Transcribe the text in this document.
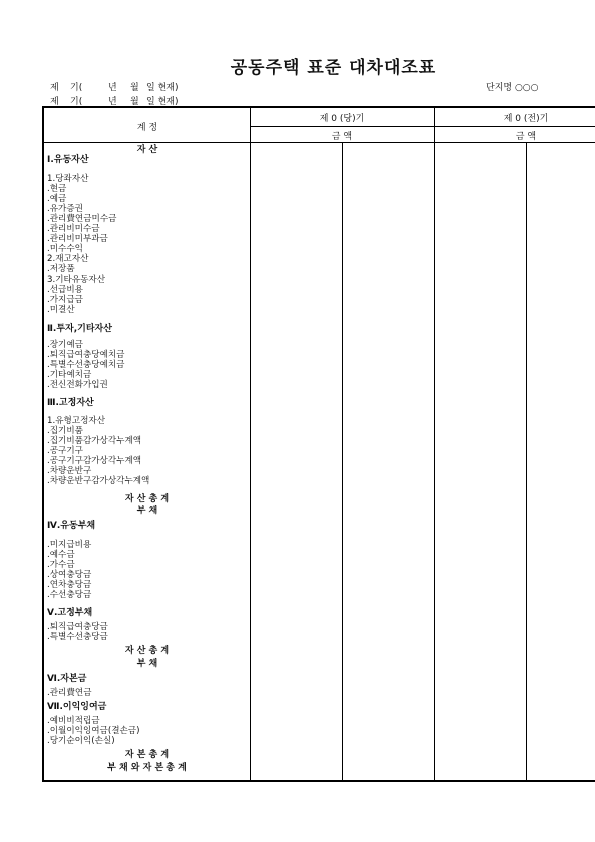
공동주택 표준 대차대조표
제 기(	년 월 일 현재)
제 기(	년 월 일 현재)
단지명 ○○○
계 정
제 0 (당)기	제 0 (전)기
금 액	금 액
자 산
Ⅰ.유동자산
1.당좌자산
.현금
.예금
.유가증권
.관리費연금미수금
.관리비미수금
.관리비미부과금
.미수수익
2.재고자산
.저장품
3.기타유동자산
.선급비용
.가지급금
.미결산
Ⅱ.투자,기타자산
.장기예금
.퇴직급여충당예치금
.특별수선충당예치금
.기타예치금
.전신전화가입권
Ⅲ.고정자산
1.유형고정자산
.집기비품
.집기비품감가상각누계액
.공구기구
.공구기구감가상각누계액
.차량운반구
.차량운반구감가상각누계액
자 산 총 계
부 채
Ⅳ.유동부채
.미지급비용
.예수금
.가수금
.상여충당금
.연차충당금
.수선충당금
Ⅴ.고정부채
.퇴직급여충당금
.특별수선충당금
자 산 총 계
부 채
Ⅵ.자본금
.관리費연금
Ⅶ.이익잉여금
.예비비적립금
.이월이익잉여금(결손금)
.당기순이익(손실)
자 본 총 계
부 채 와 자 본 총 계
